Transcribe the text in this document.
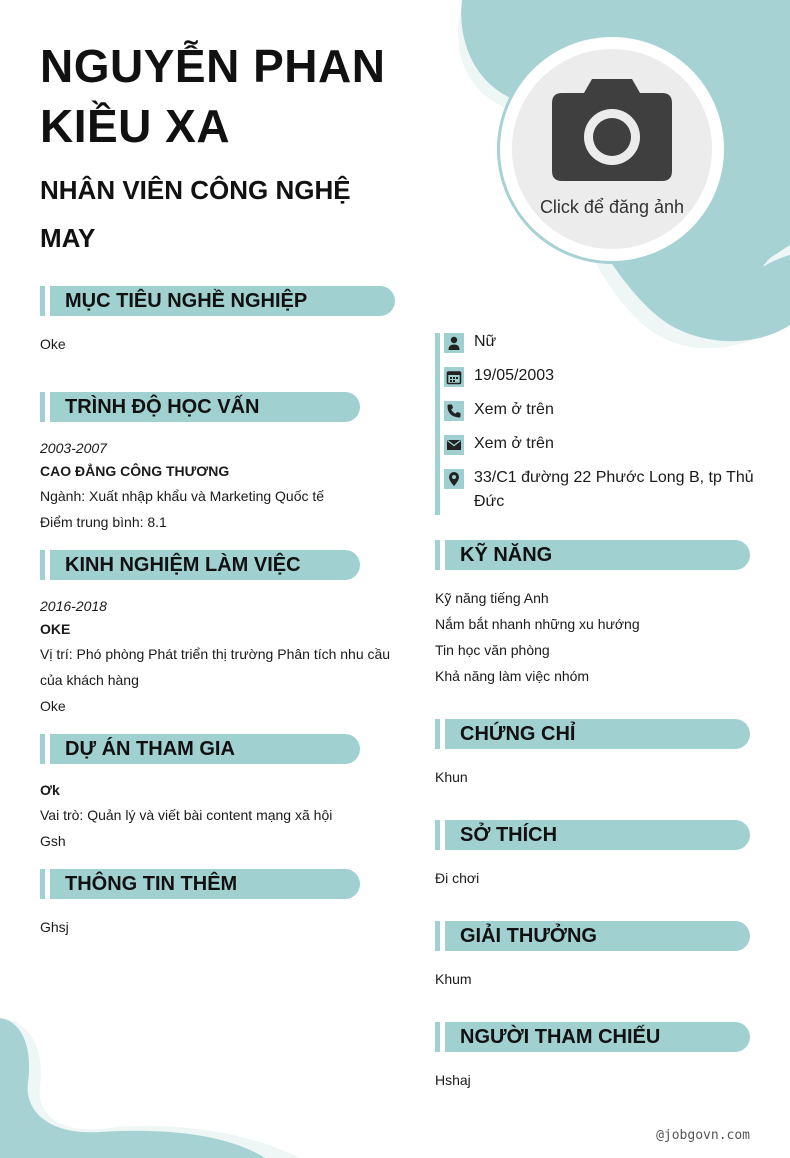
NGUYỄN PHAN KIỀU XA
NHÂN VIÊN CÔNG NGHỆ MAY
Click để đăng ảnh
MỤC TIÊU NGHỀ NGHIỆP
Oke
TRÌNH ĐỘ HỌC VẤN
2003-2007
CAO ĐẲNG CÔNG THƯƠNG
Ngành: Xuất nhập khẩu và Marketing Quốc tế
Điểm trung bình: 8.1
KINH NGHIỆM LÀM VIỆC
2016-2018
OKE
Vị trí: Phó phòng Phát triển thị trường Phân tích nhu cầu
của khách hàng
Oke
DỰ ÁN THAM GIA
Ơk
Vai trò: Quản lý và viết bài content mạng xã hội
Gsh
THÔNG TIN THÊM
Ghsj
Nữ
19/05/2003
Xem ở trên
Xem ở trên
33/C1 đường 22 Phước Long B, tp Thủ
Đức
KỸ NĂNG
Kỹ năng tiếng Anh
Nắm bắt nhanh những xu hướng
Tin học văn phòng
Khả năng làm việc nhóm
CHỨNG CHỈ
Khun
SỞ THÍCH
Đi chơi
GIẢI THƯỞNG
Khum
NGƯỜI THAM CHIẾU
Hshaj
@jobgovn.com
